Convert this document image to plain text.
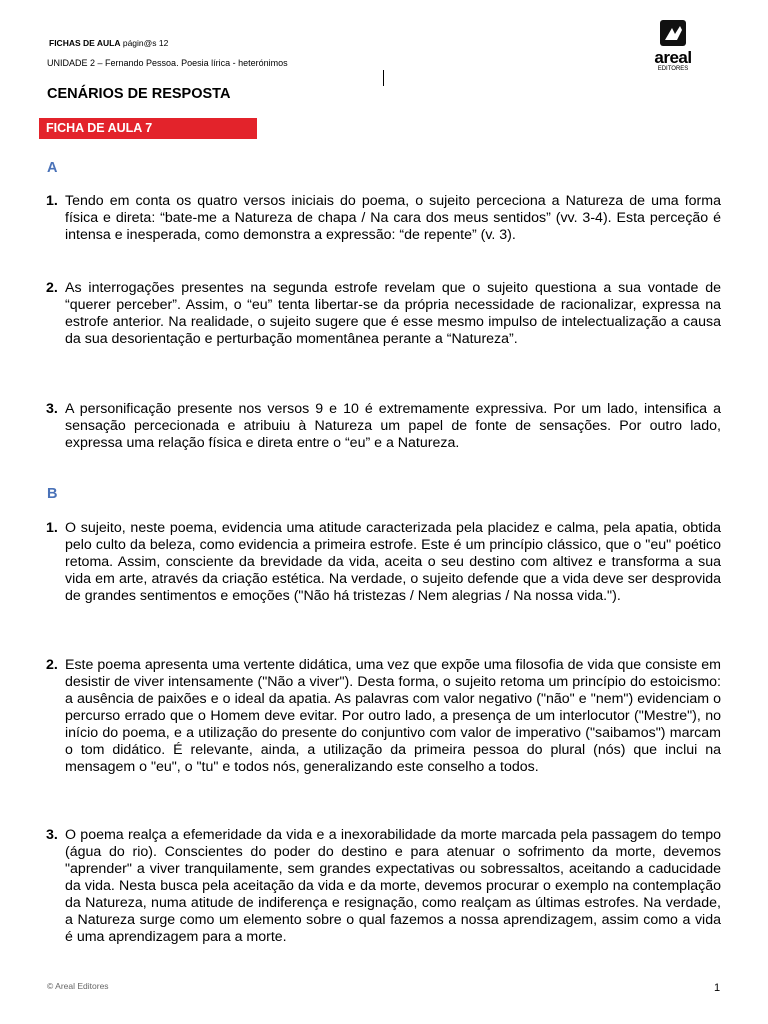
FICHAS DE AULA págin@s 12
UNIDADE 2 – Fernando Pessoa. Poesia lírica - heterónimos	areal
EDITORES
CENÁRIOS DE RESPOSTA
FICHA DE AULA 7
A
1. Tendo em conta os quatro versos iniciais do poema, o sujeito perceciona a Natureza de uma forma física e direta: “bate-me a Natureza de chapa / Na cara dos meus sentidos” (vv. 3-4). Esta perceção é intensa e inesperada, como demonstra a expressão: “de repente” (v. 3).
2. As interrogações presentes na segunda estrofe revelam que o sujeito questiona a sua vontade de “querer perceber”. Assim, o “eu” tenta libertar-se da própria necessidade de racionalizar, expressa na estrofe anterior. Na realidade, o sujeito sugere que é esse mesmo impulso de intelectualização a causa da sua desorientação e perturbação momentânea perante a “Natureza”.
3. A personificação presente nos versos 9 e 10 é extremamente expressiva. Por um lado, intensifica a sensação percecionada e atribuiu à Natureza um papel de fonte de sensações. Por outro lado, expressa uma relação física e direta entre o “eu” e a Natureza.
B
1. O sujeito, neste poema, evidencia uma atitude caracterizada pela placidez e calma, pela apatia, obtida pelo culto da beleza, como evidencia a primeira estrofe. Este é um princípio clássico, que o "eu" poético retoma. Assim, consciente da brevidade da vida, aceita o seu destino com altivez e transforma a sua vida em arte, através da criação estética. Na verdade, o sujeito defende que a vida deve ser desprovida de grandes sentimentos e emoções ("Não há tristezas / Nem alegrias / Na nossa vida.").
2. Este poema apresenta uma vertente didática, uma vez que expõe uma filosofia de vida que consiste em desistir de viver intensamente ("Não a viver"). Desta forma, o sujeito retoma um princípio do estoicismo: a ausência de paixões e o ideal da apatia. As palavras com valor negativo ("não" e "nem") evidenciam o percurso errado que o Homem deve evitar. Por outro lado, a presença de um interlocutor ("Mestre"), no início do poema, e a utilização do presente do conjuntivo com valor de imperativo ("saibamos") marcam o tom didático. É relevante, ainda, a utilização da primeira pessoa do plural (nós) que inclui na mensagem o "eu", o "tu" e todos nós, generalizando este conselho a todos.
3. O poema realça a efemeridade da vida e a inexorabilidade da morte marcada pela passagem do tempo (água do rio). Conscientes do poder do destino e para atenuar o sofrimento da morte, devemos "aprender" a viver tranquilamente, sem grandes expectativas ou sobressaltos, aceitando a caducidade da vida. Nesta busca pela aceitação da vida e da morte, devemos procurar o exemplo na contemplação da Natureza, numa atitude de indiferença e resignação, como realçam as últimas estrofes. Na verdade, a Natureza surge como um elemento sobre o qual fazemos a nossa aprendizagem, assim como a vida é uma aprendizagem para a morte.
© Areal Editores	1
